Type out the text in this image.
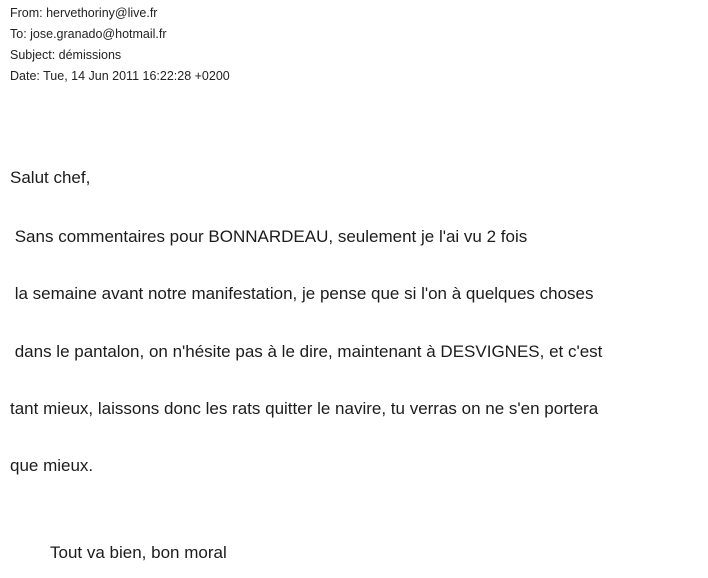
From: hervethoriny@live.fr
To: jose.granado@hotmail.fr
Subject: démissions
Date: Tue, 14 Jun 2011 16:22:28 +0200
Salut chef,
Sans commentaires pour BONNARDEAU, seulement je l'ai vu 2 fois
la semaine avant notre manifestation, je pense que si l'on à quelques choses
dans le pantalon, on n'hésite pas à le dire, maintenant à DESVIGNES, et c'est
tant mieux, laissons donc les rats quitter le navire, tu verras on ne s'en portera
que mieux.
Tout va bien, bon moral
